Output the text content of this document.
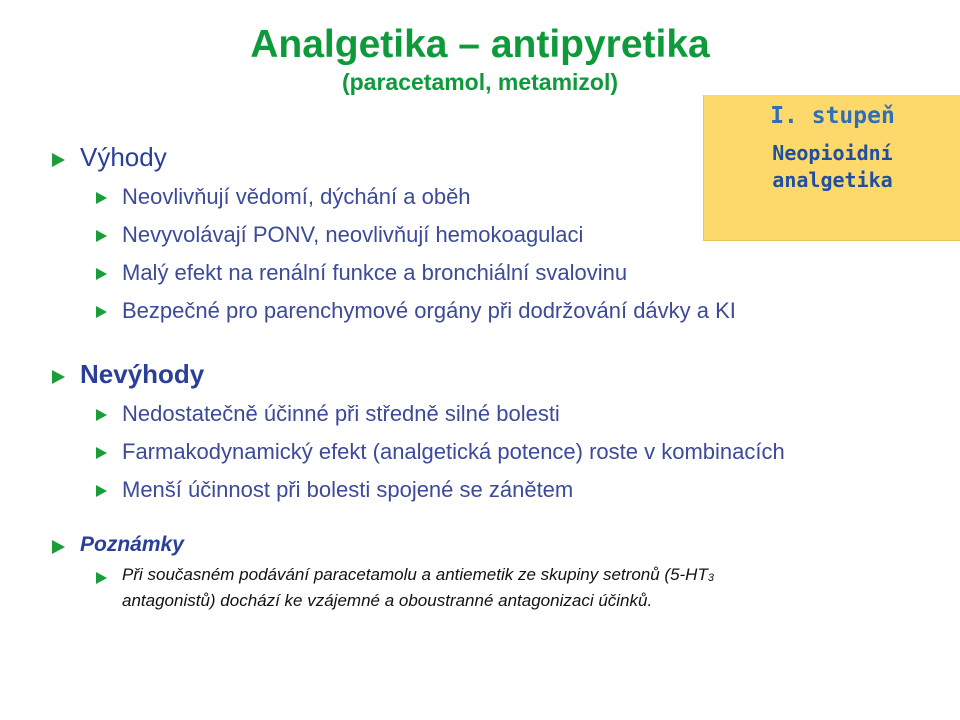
Analgetika – antipyretika
(paracetamol, metamizol)
I. stupeň
Neopioidní
analgetika
Výhody
Neovlivňují vědomí, dýchání a oběh
Nevyvolávají PONV, neovlivňují hemokoagulaci
Malý efekt na renální funkce a bronchiální svalovinu
Bezpečné pro parenchymové orgány při dodržování dávky a KI
Nevýhody
Nedostatečně účinné při středně silné bolesti
Farmakodynamický efekt (analgetická potence) roste v kombinacích
Menší účinnost při bolesti spojené se zánětem
Poznámky
Při současném podávání paracetamolu a antiemetik ze skupiny setronů (5-HT3
antagonistů) dochází ke vzájemné a oboustranné antagonizaci účinků.
